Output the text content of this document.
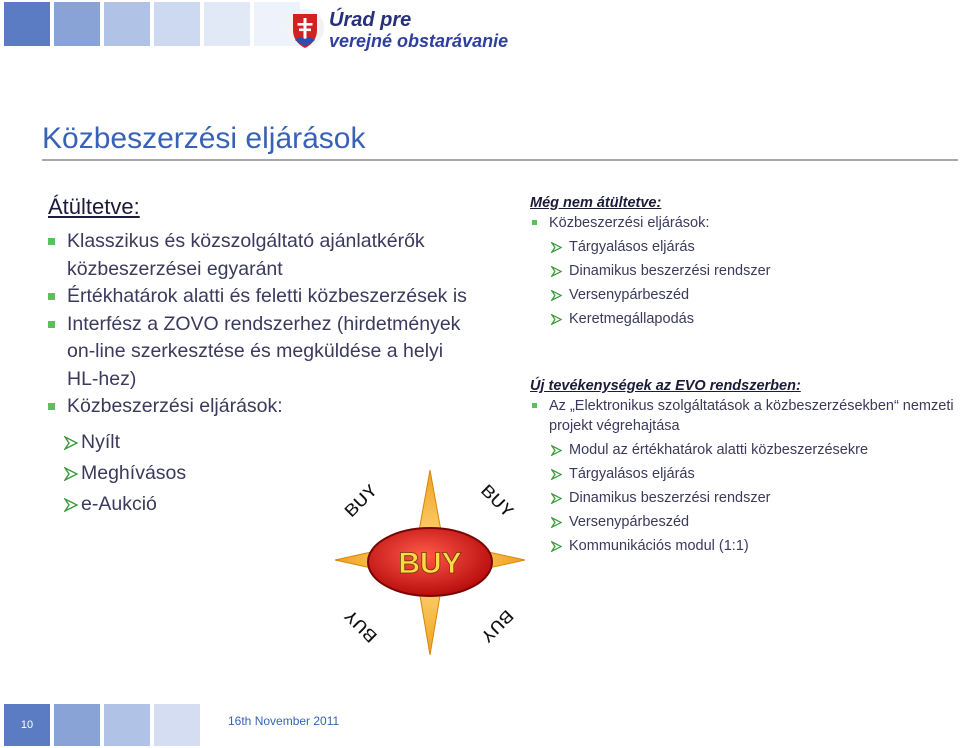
Úrad pre
verejné obstarávanie
Közbeszerzési eljárások
Átültetve:
Klasszikus és közszolgáltató ajánlatkérők közbeszerzései egyaránt
Értékhatárok alatti és feletti közbeszerzések is
Interfész a ZOVO rendszerhez (hirdetmények on-line szerkesztése és megküldése a helyi HL-hez)
Közbeszerzési eljárások:
Nyílt
Meghívásos
e-Aukció
Még nem átültetve:
Közbeszerzési eljárások:
Tárgyalásos eljárás
Dinamikus beszerzési rendszer
Versenypárbeszéd
Keretmegállapodás
Új tevékenységek az EVO rendszerben:
Az „Elektronikus szolgáltatások a közbeszerzésekben“ nemzeti projekt végrehajtása
Modul az értékhatárok alatti közbeszerzésekre
Tárgyalásos eljárás
Dinamikus beszerzési rendszer
Versenypárbeszéd
Kommunikációs modul (1:1)
BUY
BUY	BUY
BUY	BUY
10	16th November 2011
